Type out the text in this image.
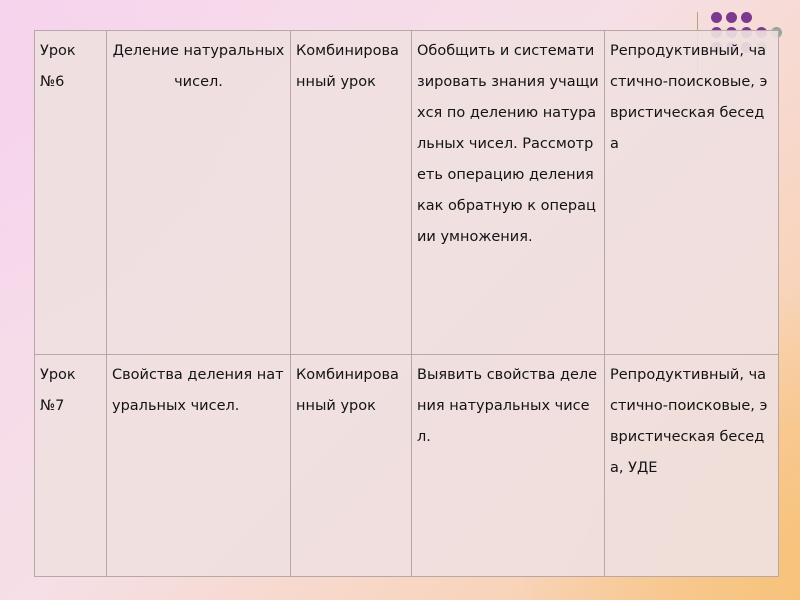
Урок №6	Деление натуральных чисел.	Комбинированный урок	Обобщить и систематизировать знания учащихся по делению натуральных чисел. Рассмотреть операцию деления как обратную к операции умножения.	Репродуктивный, частично-поисковые, эвристическая беседа
Урок №7	Свойства деления натуральных чисел.	Комбинированный урок	Выявить свойства деления натуральных чисел.	Репродуктивный, частично-поисковые, эвристическая беседа, УДЕ
